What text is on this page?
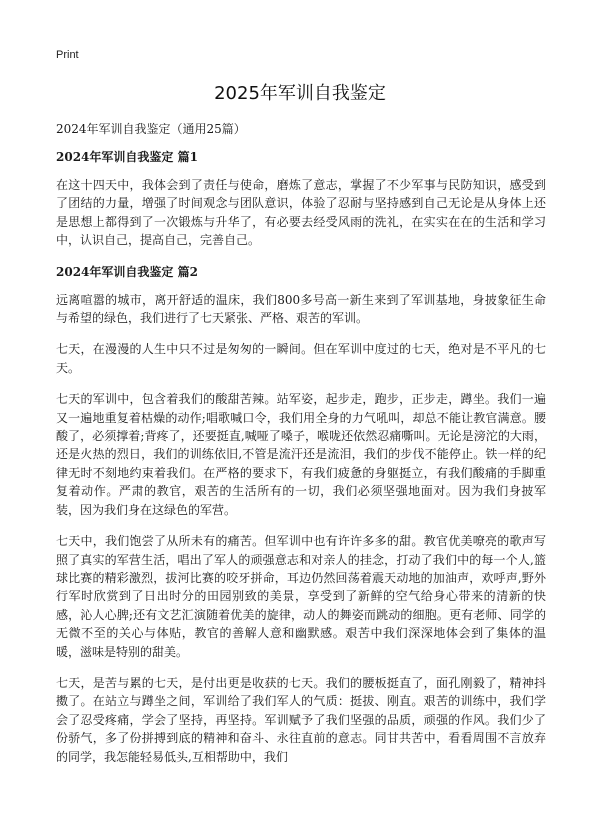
Print
2025年军训自我鉴定

2024年军训自我鉴定（通用25篇）

2024年军训自我鉴定 篇1

在这十四天中，我体会到了责任与使命，磨炼了意志，掌握了不少军事与民防知识，感受到了团结的力量，增强了时间观念与团队意识，体验了忍耐与坚持感到自己无论是从身体上还是思想上都得到了一次锻炼与升华了，有必要去经受风雨的洗礼，在实实在在的生活和学习中，认识自己，提高自己，完善自己。

2024年军训自我鉴定 篇2

远离喧嚣的城市，离开舒适的温床，我们800多号高一新生来到了军训基地，身披象征生命与希望的绿色，我们进行了七天紧张、严格、艰苦的军训。

七天，在漫漫的人生中只不过是匆匆的一瞬间。但在军训中度过的七天，绝对是不平凡的七天。

七天的军训中，包含着我们的酸甜苦辣。站军姿，起步走，跑步，正步走，蹲坐。我们一遍又一遍地重复着枯燥的动作;唱歌喊口令，我们用全身的力气吼叫，却总不能让教官满意。腰酸了，必须撑着;背疼了，还要挺直,喊哑了嗓子，喉咙还依然忍痛嘶叫。无论是滂沱的大雨，还是火热的烈日，我们的训练依旧,不管是流汗还是流泪，我们的步伐不能停止。铁一样的纪律无时不刻地约束着我们。在严格的要求下，有我们疲惫的身躯挺立，有我们酸痛的手脚重复着动作。严肃的教官，艰苦的生活所有的一切，我们必须坚强地面对。因为我们身披军装，因为我们身在这绿色的军营。

七天中，我们饱尝了从所未有的痛苦。但军训中也有许许多多的甜。教官优美嘹亮的歌声写照了真实的军营生活，唱出了军人的顽强意志和对亲人的挂念，打动了我们中的每一个人,篮球比赛的精彩激烈，拔河比赛的咬牙拼命，耳边仍然回荡着震天动地的加油声，欢呼声,野外行军时欣赏到了日出时分的田园别致的美景，享受到了新鲜的空气给身心带来的清新的快感，沁人心脾;还有文艺汇演随着优美的旋律，动人的舞姿而跳动的细胞。更有老师、同学的无微不至的关心与体贴，教官的善解人意和幽默感。艰苦中我们深深地体会到了集体的温暖，滋味是特别的甜美。

七天，是苦与累的七天，是付出更是收获的七天。我们的腰板挺直了，面孔刚毅了，精神抖擞了。在站立与蹲坐之间，军训给了我们军人的气质：挺拔、刚直。艰苦的训练中，我们学会了忍受疼痛，学会了坚持，再坚持。军训赋予了我们坚强的品质，顽强的作风。我们少了份骄气，多了份拼搏到底的精神和奋斗、永往直前的意志。同甘共苦中，看看周围不言放弃的同学，我怎能轻易低头,互相帮助中，我们
